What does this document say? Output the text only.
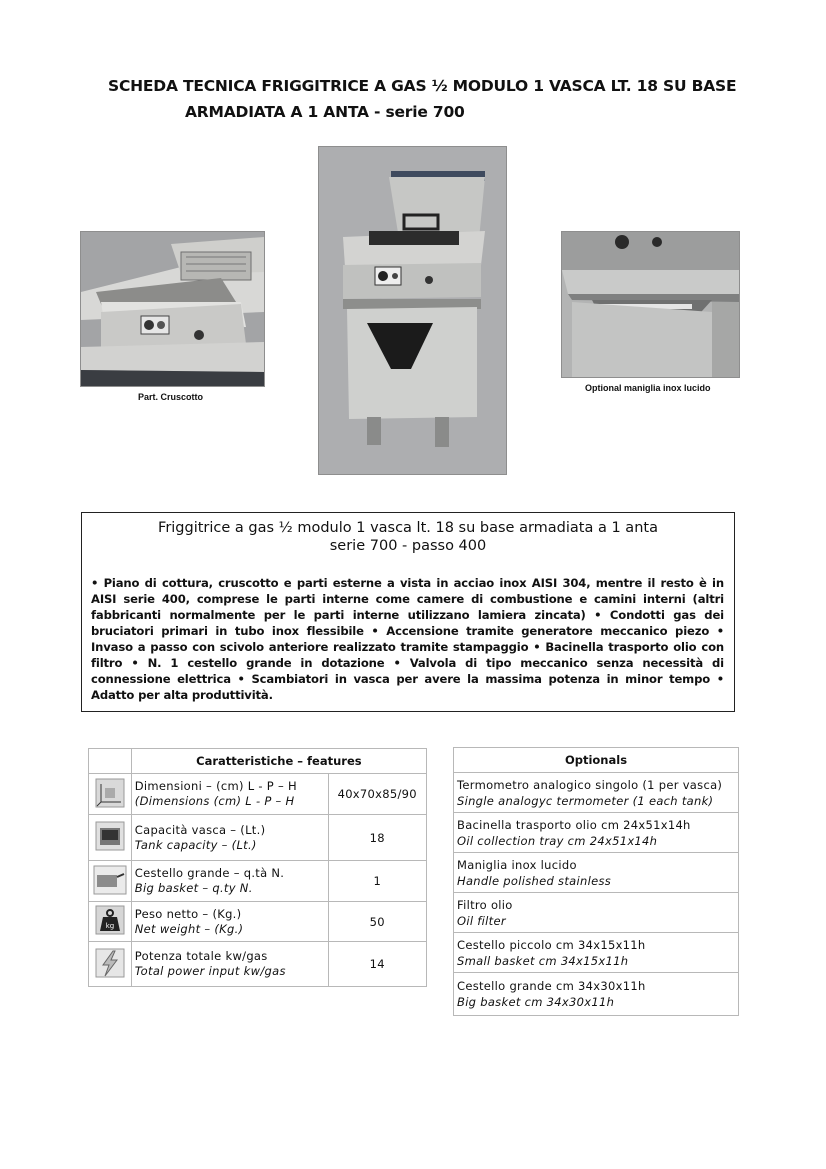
SCHEDA TECNICA FRIGGITRICE A GAS ½ MODULO 1 VASCA LT. 18 SU BASE
ARMADIATA A 1 ANTA - serie 700
Part. Cruscotto
Optional maniglia inox lucido
Friggitrice a gas ½ modulo 1 vasca lt. 18 su base armadiata a 1 anta
serie 700 - passo 400
• Piano di cottura, cruscotto e parti esterne a vista in acciao inox AISI 304, mentre il resto è in AISI serie 400, comprese le parti interne come camere di combustione e camini interni (altri fabbricanti normalmente per le parti interne utilizzano lamiera zincata) • Condotti gas dei bruciatori primari in tubo inox flessibile • Accensione tramite generatore meccanico piezo • Invaso a passo con scivolo anteriore realizzato tramite stampaggio • Bacinella trasporto olio con filtro • N. 1 cestello grande in dotazione • Valvola di tipo meccanico senza necessità di connessione elettrica • Scambiatori in vasca per avere la massima potenza in minor tempo • Adatto per alta produttività.
	Caratteristiche – features	

Dimensioni – (cm) L - P – H
(Dimensions (cm) L - P – H	40x70x85/90

Capacità vasca – (Lt.)
Tank capacity – (Lt.)	18

Cestello grande – q.tà N.
Big basket – q.ty N.	1

kg	Peso netto – (Kg.)
Net weight – (Kg.)	50

Potenza totale kw/gas
Total power input kw/gas	14
Optionals

Termometro analogico singolo (1 per vasca)
Single analogyc termometer (1 each tank)

Bacinella trasporto olio cm 24x51x14h
Oil collection tray cm 24x51x14h

Maniglia inox lucido
Handle polished stainless

Filtro olio
Oil filter

Cestello piccolo cm 34x15x11h
Small basket cm 34x15x11h

Cestello grande cm 34x30x11h
Big basket cm 34x30x11h
